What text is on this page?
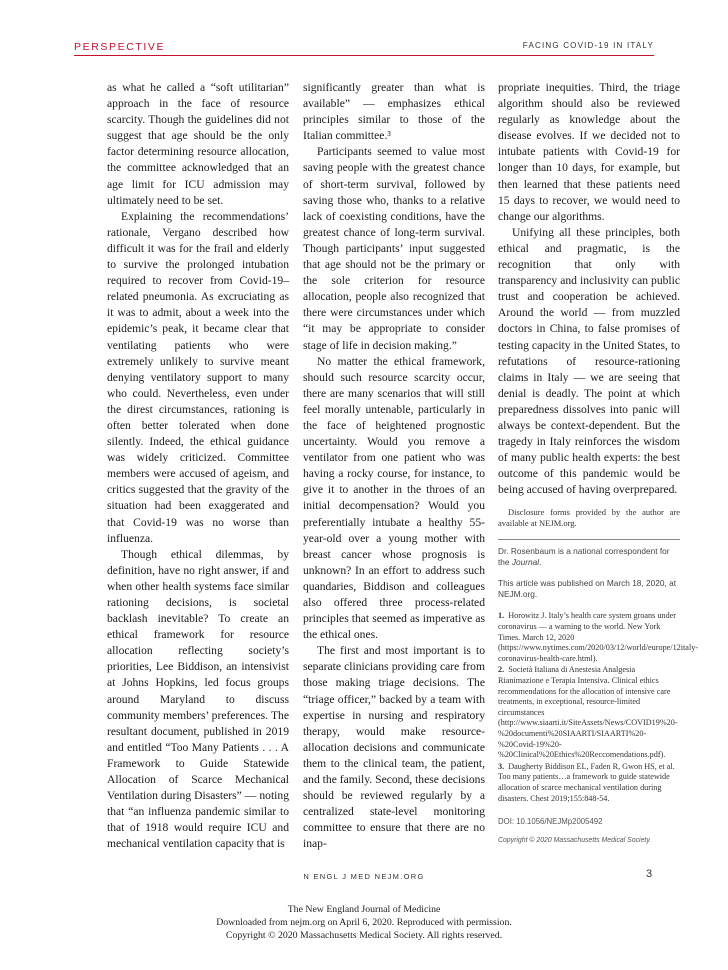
PERSPECTIVE	FACING COVID-19 IN ITALY

as what he called a “soft utilitarian” approach in the face of resource scarcity. Though the guidelines did not suggest that age should be the only factor determining resource allocation, the committee acknowledged that an age limit for ICU admission may ultimately need to be set.

Explaining the recommendations’ rationale, Vergano described how difficult it was for the frail and elderly to survive the prolonged intubation required to recover from Covid-19–related pneumonia. As excruciating as it was to admit, about a week into the epidemic’s peak, it became clear that ventilating patients who were extremely unlikely to survive meant denying ventilatory support to many who could. Nevertheless, even under the direst circumstances, rationing is often better tolerated when done silently. Indeed, the ethical guidance was widely criticized. Committee members were accused of ageism, and critics suggested that the gravity of the situation had been exaggerated and that Covid-19 was no worse than influenza.

Though ethical dilemmas, by definition, have no right answer, if and when other health systems face similar rationing decisions, is societal backlash inevitable? To create an ethical framework for resource allocation reflecting society’s priorities, Lee Biddison, an intensivist at Johns Hopkins, led focus groups around Maryland to discuss community members’ preferences. The resultant document, published in 2019 and entitled “Too Many Patients . . . A Framework to Guide Statewide Allocation of Scarce Mechanical Ventilation during Disasters” — noting that “an influenza pandemic similar to that of 1918 would require ICU and mechanical ventilation capacity that is

significantly greater than what is available” — emphasizes ethical principles similar to those of the Italian committee.³

Participants seemed to value most saving people with the greatest chance of short-term survival, followed by saving those who, thanks to a relative lack of coexisting conditions, have the greatest chance of long-term survival. Though participants’ input suggested that age should not be the primary or the sole criterion for resource allocation, people also recognized that there were circumstances under which “it may be appropriate to consider stage of life in decision making.”

No matter the ethical framework, should such resource scarcity occur, there are many scenarios that will still feel morally untenable, particularly in the face of heightened prognostic uncertainty. Would you remove a ventilator from one patient who was having a rocky course, for instance, to give it to another in the throes of an initial decompensation? Would you preferentially intubate a healthy 55-year-old over a young mother with breast cancer whose prognosis is unknown? In an effort to address such quandaries, Biddison and colleagues also offered three process-related principles that seemed as imperative as the ethical ones.

The first and most important is to separate clinicians providing care from those making triage decisions. The “triage officer,” backed by a team with expertise in nursing and respiratory therapy, would make resource-allocation decisions and communicate them to the clinical team, the patient, and the family. Second, these decisions should be reviewed regularly by a centralized state-level monitoring committee to ensure that there are no inap-

propriate inequities. Third, the triage algorithm should also be reviewed regularly as knowledge about the disease evolves. If we decided not to intubate patients with Covid-19 for longer than 10 days, for example, but then learned that these patients need 15 days to recover, we would need to change our algorithms.

Unifying all these principles, both ethical and pragmatic, is the recognition that only with transparency and inclusivity can public trust and cooperation be achieved. Around the world — from muzzled doctors in China, to false promises of testing capacity in the United States, to refutations of resource-rationing claims in Italy — we are seeing that denial is deadly. The point at which preparedness dissolves into panic will always be context-dependent. But the tragedy in Italy reinforces the wisdom of many public health experts: the best outcome of this pandemic would be being accused of having overprepared.

Disclosure forms provided by the author are available at NEJM.org.

Dr. Rosenbaum is a national correspondent for the Journal.

This article was published on March 18, 2020, at NEJM.org.

1. Horowitz J. Italy’s health care system groans under coronavirus — a warning to the world. New York Times. March 12, 2020 (https://www.nytimes.com/2020/03/12/world/europe/12italy-coronavirus-health-care.html).

2. Società Italiana di Anestesia Analgesia Rianimazione e Terapia Intensiva. Clinical ethics recommendations for the allocation of intensive care treatments, in exceptional, resource-limited circumstances (http://www.siaarti.it/SiteAssets/News/COVID19%20-%20documenti%20SIAARTI/SIAARTI%20-%20Covid-19%20-%20Clinical%20Ethics%20Reccomendations.pdf).

3. Daugherty Biddison EL, Faden R, Gwon HS, et al. Too many patients…a framework to guide statewide allocation of scarce mechanical ventilation during disasters. Chest 2019;155:848-54.

DOI: 10.1056/NEJMp2005492

Copyright © 2020 Massachusetts Medical Society.

N ENGL J MED NEJM.ORG	3
The New England Journal of Medicine
Downloaded from nejm.org on April 6, 2020. Reproduced with permission.
Copyright © 2020 Massachusetts Medical Society. All rights reserved.
